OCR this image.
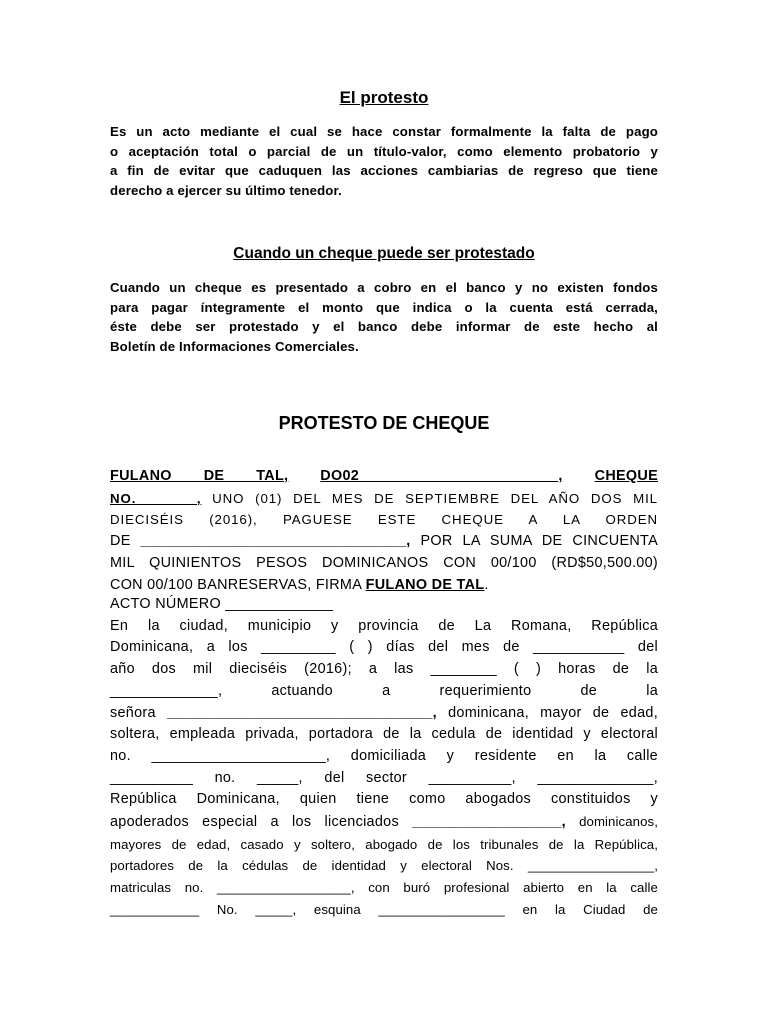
El protesto
Es un acto mediante el cual se hace constar formalmente la falta de pago
o aceptación total o parcial de un título-valor, como elemento probatorio y
a fin de evitar que caduquen las acciones cambiarias de regreso que tiene
derecho a ejercer su último tenedor.
Cuando un cheque puede ser protestado
Cuando un cheque es presentado a cobro en el banco y no existen fondos
para pagar íntegramente el monto que indica o la cuenta está cerrada,
éste debe ser protestado y el banco debe informar de este hecho al
Boletín de Informaciones Comerciales.
PROTESTO DE CHEQUE
FULANO DE TAL, DO02________________________, CHEQUE
NO. ______, UNO (01) DEL MES DE SEPTIEMBRE DEL AÑO DOS MIL
DIECISÉIS (2016), PAGUESE ESTE CHEQUE A LA ORDEN
DE ________________________________, POR LA SUMA DE CINCUENTA
MIL QUINIENTOS PESOS DOMINICANOS CON 00/100 (RD$50,500.00)
CON 00/100 BANRESERVAS, FIRMA FULANO DE TAL.
ACTO NÚMERO _____________
En la ciudad, municipio y provincia de La Romana, República
Dominicana, a los _________ ( ) días del mes de ___________ del
año dos mil dieciséis (2016); a las ________ ( ) horas de la
_____________, actuando a requerimiento de la
señora ________________________________, dominicana, mayor de edad,
soltera, empleada privada, portadora de la cedula de identidad y electoral
no. _____________________, domiciliada y residente en la calle
__________ no. _____, del sector __________, ______________,
República Dominicana, quien tiene como abogados constituidos y
apoderados especial a los licenciados __________________, dominicanos,
mayores de edad, casado y soltero, abogado de los tribunales de la República,
portadores de la cédulas de identidad y electoral Nos. _________________,
matriculas no. __________________, con buró profesional abierto en la calle
____________ No. _____, esquina _________________ en la Ciudad de
